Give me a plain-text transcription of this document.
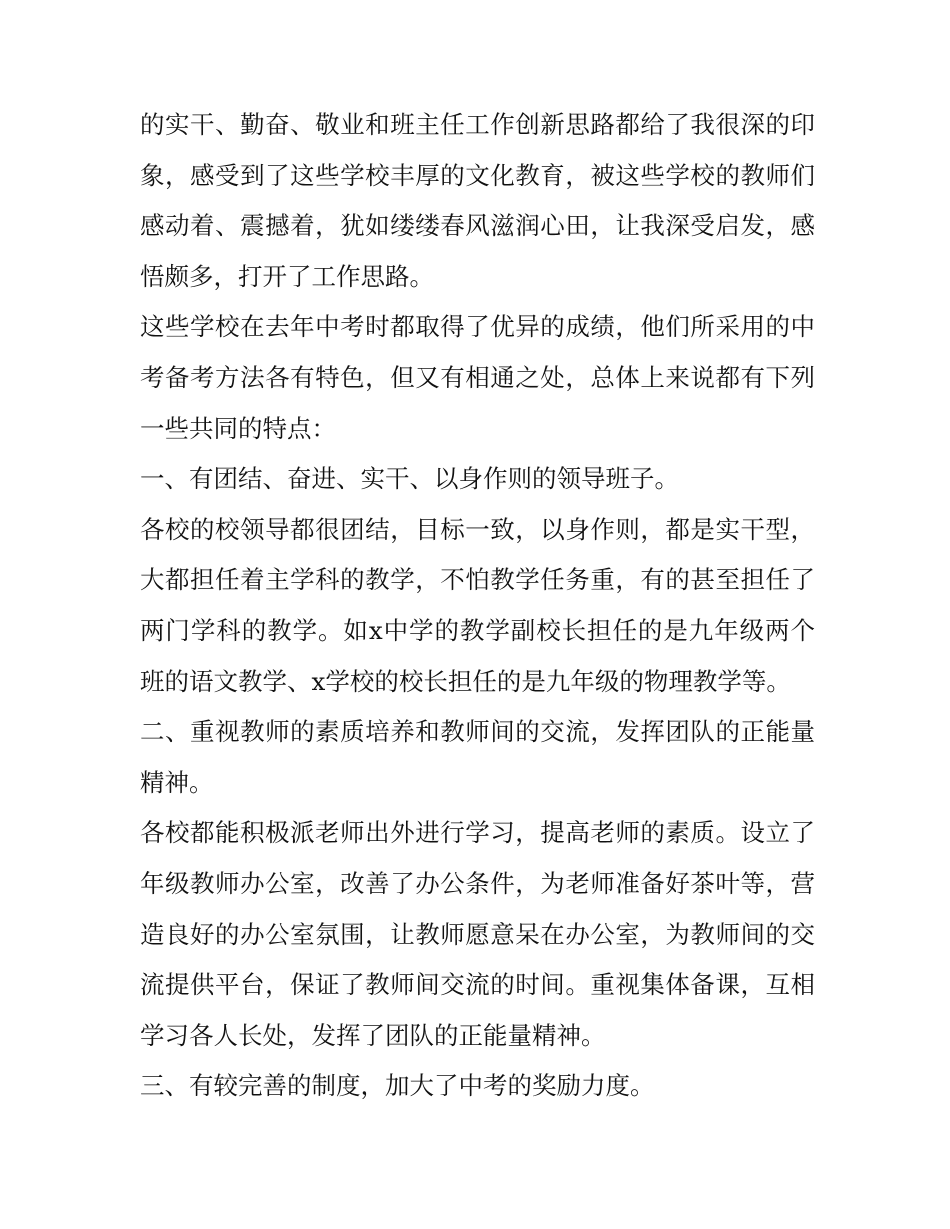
的实干、勤奋、敬业和班主任工作创新思路都给了我很深的印象，感受到了这些学校丰厚的文化教育，被这些学校的教师们感动着、震撼着，犹如缕缕春风滋润心田，让我深受启发，感悟颇多，打开了工作思路。

这些学校在去年中考时都取得了优异的成绩，他们所采用的中考备考方法各有特色，但又有相通之处，总体上来说都有下列一些共同的特点：

一、有团结、奋进、实干、以身作则的领导班子。

各校的校领导都很团结，目标一致，以身作则，都是实干型，大都担任着主学科的教学，不怕教学任务重，有的甚至担任了两门学科的教学。如x中学的教学副校长担任的是九年级两个班的语文教学、x学校的校长担任的是九年级的物理教学等。

二、重视教师的素质培养和教师间的交流，发挥团队的正能量精神。

各校都能积极派老师出外进行学习，提高老师的素质。设立了年级教师办公室，改善了办公条件，为老师准备好茶叶等，营造良好的办公室氛围，让教师愿意呆在办公室，为教师间的交流提供平台，保证了教师间交流的时间。重视集体备课，互相学习各人长处，发挥了团队的正能量精神。

三、有较完善的制度，加大了中考的奖励力度。
